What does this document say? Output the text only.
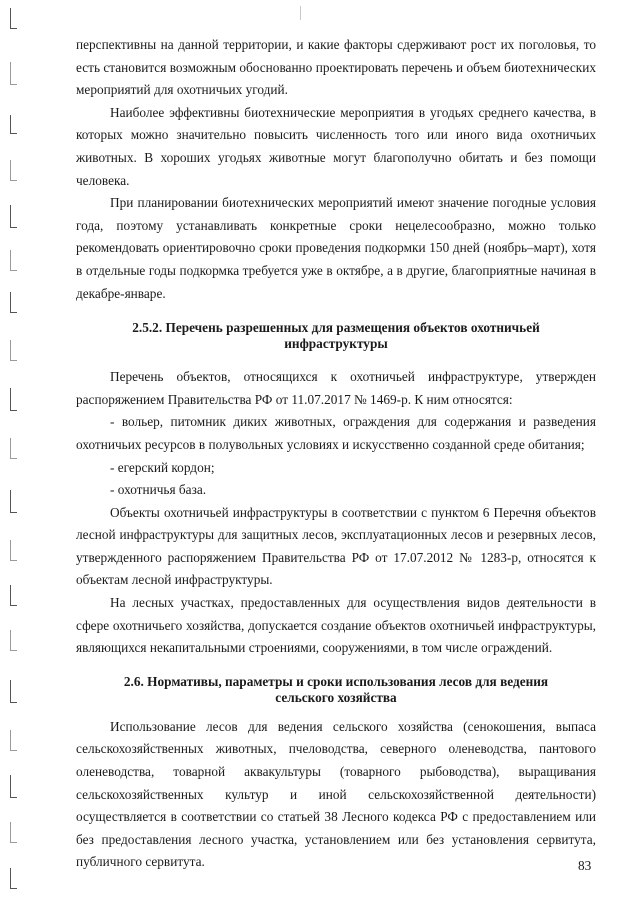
перспективны на данной территории, и какие факторы сдерживают рост их поголовья, то есть становится возможным обоснованно проектировать перечень и объем биотехнических мероприятий для охотничьих угодий.

Наиболее эффективны биотехнические мероприятия в угодьях среднего качества, в которых можно значительно повысить численность того или иного вида охотничьих животных. В хороших угодьях животные могут благополучно обитать и без помощи человека.

При планировании биотехнических мероприятий имеют значение погодные условия года, поэтому устанавливать конкретные сроки нецелесообразно, можно только рекомендовать ориентировочно сроки проведения подкормки 150 дней (ноябрь–март), хотя в отдельные годы подкормка требуется уже в октябре, а в другие, благоприятные начиная в декабре-январе.

2.5.2. Перечень разрешенных для размещения объектов охотничьей инфраструктуры

Перечень объектов, относящихся к охотничьей инфраструктуре, утвержден распоряжением Правительства РФ от 11.07.2017 № 1469-р. К ним относятся:

- вольер, питомник диких животных, ограждения для содержания и разведения охотничьих ресурсов в полувольных условиях и искусственно созданной среде обитания;

- егерский кордон;

- охотничья база.

Объекты охотничьей инфраструктуры в соответствии с пунктом 6 Перечня объектов лесной инфраструктуры для защитных лесов, эксплуатационных лесов и резервных лесов, утвержденного распоряжением Правительства РФ от 17.07.2012 № 1283-р, относятся к объектам лесной инфраструктуры.

На лесных участках, предоставленных для осуществления видов деятельности в сфере охотничьего хозяйства, допускается создание объектов охотничьей инфраструктуры, являющихся некапитальными строениями, сооружениями, в том числе ограждений.

2.6. Нормативы, параметры и сроки использования лесов для ведения сельского хозяйства

Использование лесов для ведения сельского хозяйства (сенокошения, выпаса сельскохозяйственных животных, пчеловодства, северного оленеводства, пантового оленеводства, товарной аквакультуры (товарного рыбоводства), выращивания сельскохозяйственных культур и иной сельскохозяйственной деятельности) осуществляется в соответствии со статьей 38 Лесного кодекса РФ с предоставлением или без предоставления лесного участка, установлением или без установления сервитута, публичного сервитута.	83
